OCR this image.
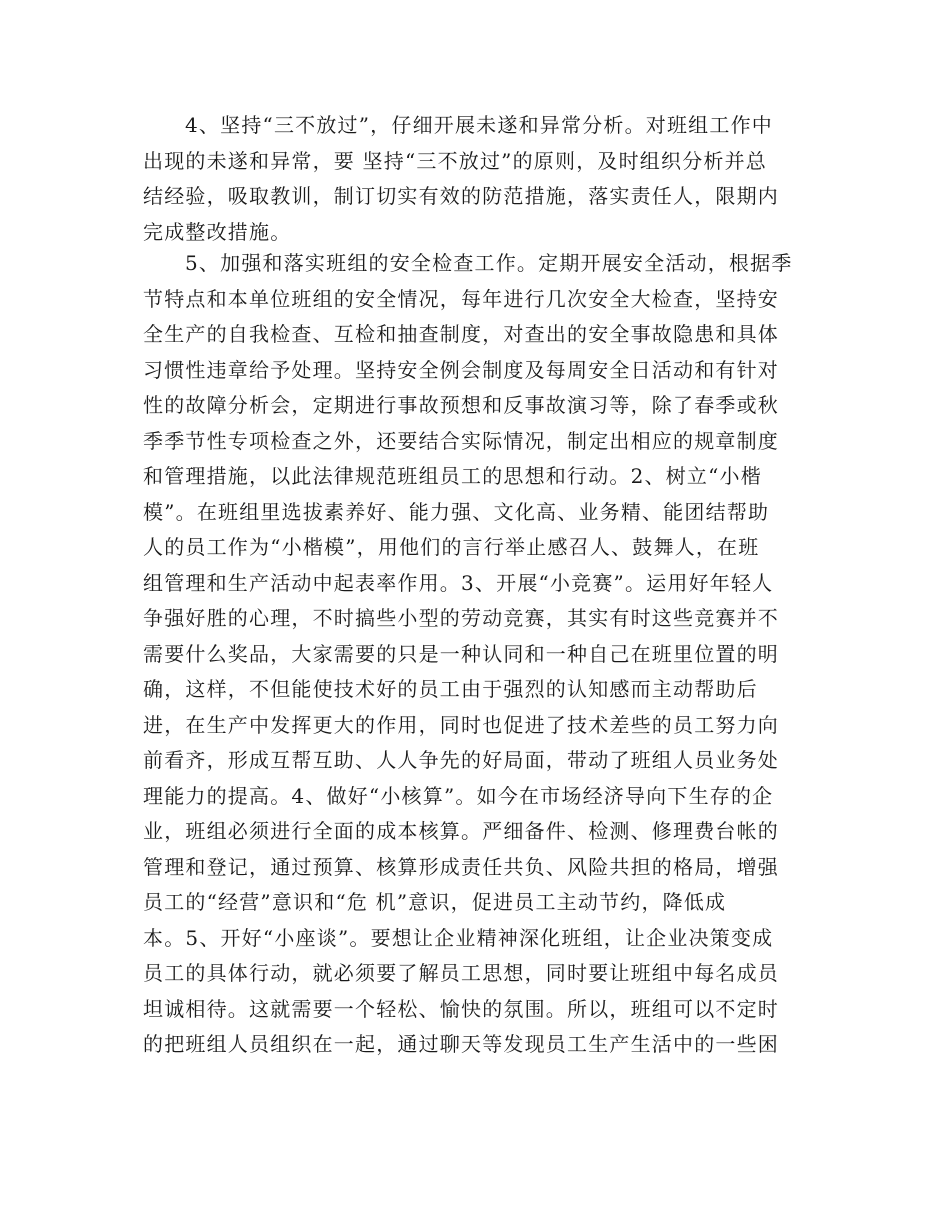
4、坚持“三不放过”，仔细开展未遂和异常分析。对班组工作中
出现的未遂和异常，要 坚持“三不放过”的原则，及时组织分析并总
结经验，吸取教训，制订切实有效的防范措施，落实责任人，限期内
完成整改措施。
5、加强和落实班组的安全检查工作。定期开展安全活动，根据季
节特点和本单位班组的安全情况，每年进行几次安全大检查，坚持安
全生产的自我检查、互检和抽查制度，对查出的安全事故隐患和具体
习惯性违章给予处理。坚持安全例会制度及每周安全日活动和有针对
性的故障分析会，定期进行事故预想和反事故演习等，除了春季或秋
季季节性专项检查之外，还要结合实际情况，制定出相应的规章制度
和管理措施，以此法律规范班组员工的思想和行动。2、树立“小楷
模”。在班组里选拔素养好、能力强、文化高、业务精、能团结帮助
人的员工作为“小楷模”，用他们的言行举止感召人、鼓舞人，在班
组管理和生产活动中起表率作用。3、开展“小竞赛”。运用好年轻人
争强好胜的心理，不时搞些小型的劳动竞赛，其实有时这些竞赛并不
需要什么奖品，大家需要的只是一种认同和一种自己在班里位置的明
确，这样，不但能使技术好的员工由于强烈的认知感而主动帮助后
进，在生产中发挥更大的作用，同时也促进了技术差些的员工努力向
前看齐，形成互帮互助、人人争先的好局面，带动了班组人员业务处
理能力的提高。4、做好“小核算”。如今在市场经济导向下生存的企
业，班组必须进行全面的成本核算。严细备件、检测、修理费台帐的
管理和登记，通过预算、核算形成责任共负、风险共担的格局，增强
员工的“经营”意识和“危 机”意识，促进员工主动节约，降低成
本。5、开好“小座谈”。要想让企业精神深化班组，让企业决策变成
员工的具体行动，就必须要了解员工思想，同时要让班组中每名成员
坦诚相待。这就需要一个轻松、愉快的氛围。所以，班组可以不定时
的把班组人员组织在一起，通过聊天等发现员工生产生活中的一些困
